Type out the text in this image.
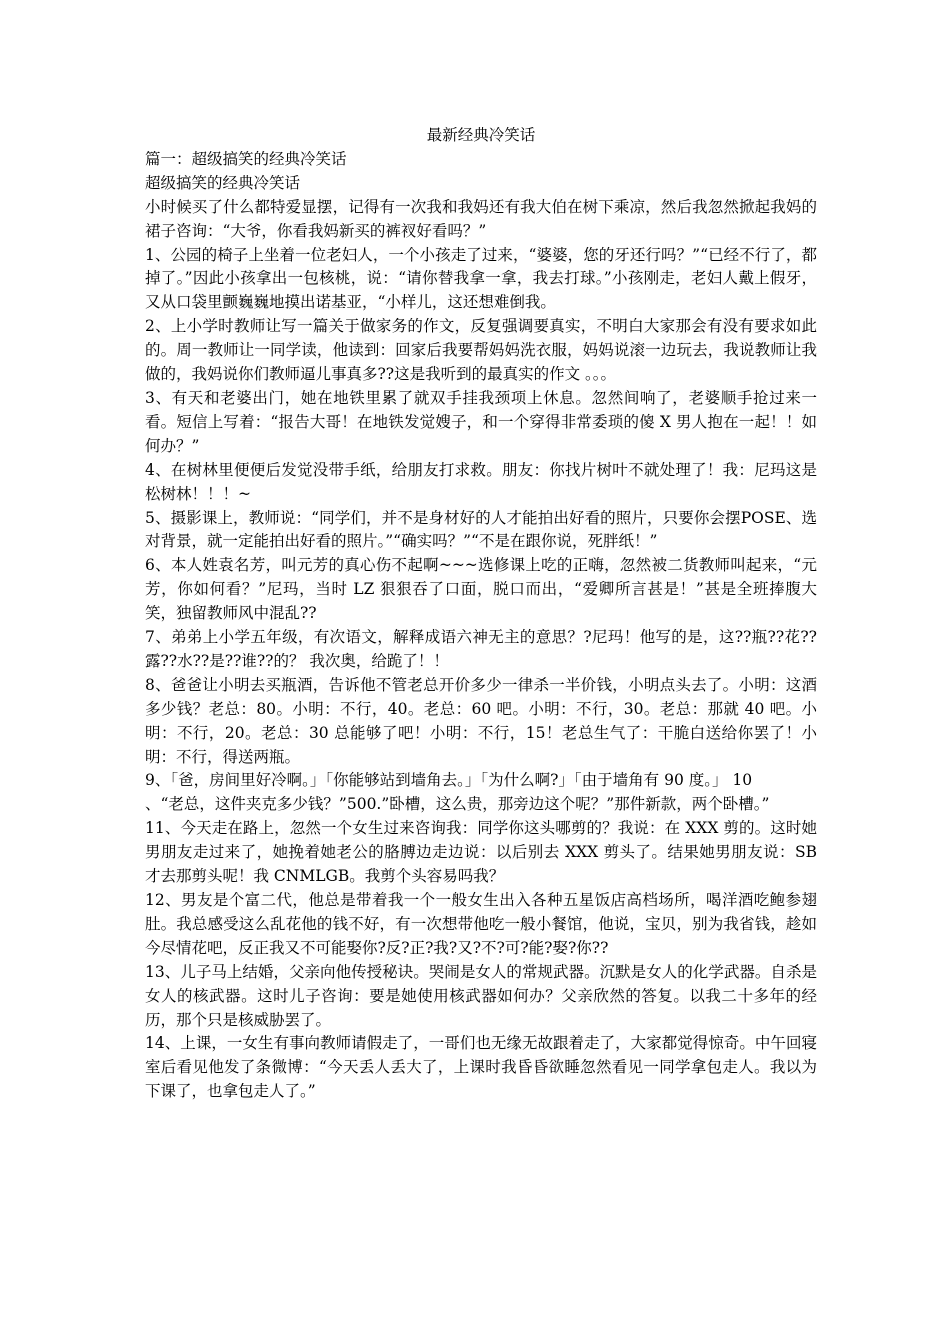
最新经典冷笑话

篇一：超级搞笑的经典冷笑话

超级搞笑的经典冷笑话

小时候买了什么都特爱显摆，记得有一次我和我妈还有我大伯在树下乘凉，然后我忽然掀起我妈的裙子咨询：“大爷，你看我妈新买的裤衩好看吗？”

1、公园的椅子上坐着一位老妇人，一个小孩走了过来，“婆婆，您的牙还行吗？”“已经不行了，都掉了。”因此小孩拿出一包核桃，说：“请你替我拿一拿，我去打球。”小孩刚走，老妇人戴上假牙，又从口袋里颤巍巍地摸出诺基亚，“小样儿，这还想难倒我。

2、上小学时教师让写一篇关于做家务的作文，反复强调要真实，不明白大家那会有没有要求如此的。周一教师让一同学读，他读到：回家后我要帮妈妈洗衣服，妈妈说滚一边玩去，我说教师让我做的，我妈说你们教师逼儿事真多??这是我听到的最真实的作文 。。。

3、有天和老婆出门，她在地铁里累了就双手挂我颈项上休息。忽然间响了，老婆顺手抢过来一看。短信上写着：“报告大哥！在地铁发觉嫂子，和一个穿得非常委琐的傻 X 男人抱在一起！！如何办？”

4、在树林里便便后发觉没带手纸，给朋友打求救。朋友：你找片树叶不就处理了！我：尼玛这是松树林！！！~

5、摄影课上，教师说：“同学们，并不是身材好的人才能拍出好看的照片，只要你会摆POSE、选对背景，就一定能拍出好看的照片。”“确实吗？”“不是在跟你说，死胖纸！”

6、本人姓袁名芳，叫元芳的真心伤不起啊~~~选修课上吃的正嗨，忽然被二货教师叫起来，“元芳，你如何看？”尼玛，当时 LZ 狠狠吞了口面，脱口而出，“爱卿所言甚是！”甚是全班捧腹大笑，独留教师风中混乱??

7、弟弟上小学五年级，有次语文，解释成语六神无主的意思？?尼玛！他写的是，这??瓶??花??露??水??是??谁??的？ 我次奥，给跪了！！

8、爸爸让小明去买瓶酒，告诉他不管老总开价多少一律杀一半价钱，小明点头去了。小明：这酒多少钱？老总：80。小明：不行，40。老总：60 吧。小明：不行，30。老总：那就 40 吧。小明：不行，20。老总：30 总能够了吧！小明：不行，15！老总生气了：干脆白送给你罢了！小明：不行，得送两瓶。

9、「爸，房间里好冷啊。」「你能够站到墙角去。」「为什么啊?」「由于墙角有 90 度。」 10

、“老总，这件夹克多少钱？”500.”卧槽，这么贵，那旁边这个呢？”那件新款，两个卧槽。”

11、今天走在路上，忽然一个女生过来咨询我：同学你这头哪剪的？我说：在 XXX 剪的。这时她男朋友走过来了，她挽着她老公的胳膊边走边说：以后别去 XXX 剪头了。结果她男朋友说：SB 才去那剪头呢！我 CNMLGB。我剪个头容易吗我？

12、男友是个富二代，他总是带着我一个一般女生出入各种五星饭店高档场所，喝洋酒吃鲍参翅肚。我总感受这么乱花他的钱不好，有一次想带他吃一般小餐馆，他说，宝贝，别为我省钱，趁如今尽情花吧，反正我又不可能娶你?反?正?我?又?不?可?能?娶?你??

13、儿子马上结婚，父亲向他传授秘诀。哭闹是女人的常规武器。沉默是女人的化学武器。自杀是女人的核武器。这时儿子咨询：要是她使用核武器如何办？父亲欣然的答复。以我二十多年的经历，那个只是核威胁罢了。

14、上课，一女生有事向教师请假走了，一哥们也无缘无故跟着走了，大家都觉得惊奇。中午回寝室后看见他发了条微博：“今天丢人丢大了，上课时我昏昏欲睡忽然看见一同学拿包走人。我以为下课了，也拿包走人了。”
